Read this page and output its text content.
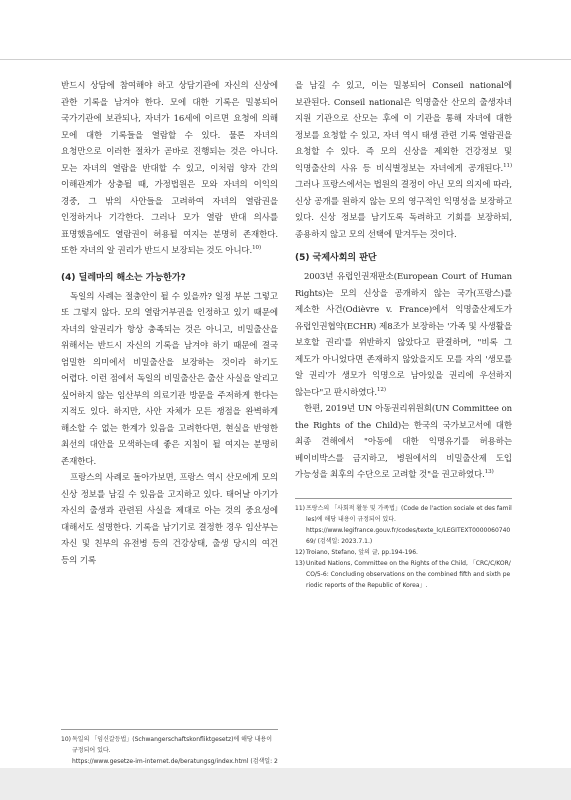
반드시 상담에 참여해야 하고 상담기관에 자신의 신상에 관한 기록을 남겨야 한다. 모에 대한 기록은 밀봉되어 국가기관에 보관되나, 자녀가 16세에 이르면 요청에 의해 모에 대한 기록들을 열람할 수 있다. 물론 자녀의 요청만으로 이러한 절차가 곧바로 진행되는 것은 아니다. 모는 자녀의 열람을 반대할 수 있고, 이처럼 양자 간의 이해관계가 상충될 때, 가정법원은 모와 자녀의 이익의 경중, 그 밖의 사안들을 고려하여 자녀의 열람권을 인정하거나 기각한다. 그러나 모가 열람 반대 의사를 표명했음에도 열람권이 허용될 여지는 분명히 존재한다. 또한 자녀의 알 권리가 반드시 보장되는 것도 아니다.$^{10)}$

(4) 딜레마의 해소는 가능한가?

독일의 사례는 절충안이 될 수 있을까? 일정 부분 그렇고 또 그렇지 않다. 모의 열람거부권을 인정하고 있기 때문에 자녀의 알권리가 항상 충족되는 것은 아니고, 비밀출산을 위해서는 반드시 자신의 기록을 남겨야 하기 때문에 결국 엄밀한 의미에서 비밀출산을 보장하는 것이라 하기도 어렵다. 이런 점에서 독일의 비밀출산은 출산 사실을 알리고 싶어하지 않는 임산부의 의료기관 방문을 주저하게 한다는 지적도 있다. 하지만, 사안 자체가 모든 쟁점을 완벽하게 해소할 수 없는 한계가 있음을 고려한다면, 현실을 반영한 최선의 대안을 모색하는데 좋은 지침이 될 여지는 분명히 존재한다.

프랑스의 사례로 돌아가보면, 프랑스 역시 산모에게 모의 신상 정보를 남길 수 있음을 고지하고 있다. 태어날 아기가 자신의 출생과 관련된 사실을 제대로 아는 것의 중요성에 대해서도 설명한다. 기록을 남기기로 결정한 경우 임산부는 자신 및 친부의 유전병 등의 건강상태, 출생 당시의 여건 등의 기록

10) 독일의 「임신갈등법」(Schwangerschaftskonfliktgesetz)에 해당 내용이 규정되어 있다.
https://www.gesetze-im-internet.de/beratungsg/index.html (검색일: 2

을 남길 수 있고, 이는 밀봉되어 Conseil national에 보관된다. Conseil national은 익명출산 산모의 출생자녀 지원 기관으로 산모는 후에 이 기관을 통해 자녀에 대한 정보를 요청할 수 있고, 자녀 역시 태생 관련 기록 열람권을 요청할 수 있다. 즉 모의 신상을 제외한 건강정보 및 익명출산의 사유 등 비식별정보는 자녀에게 공개된다.$^{11)}$ 그러나 프랑스에서는 법원의 결정이 아닌 모의 의지에 따라, 신상 공개를 원하지 않는 모의 영구적인 익명성을 보장하고 있다. 신상 정보를 남기도록 독려하고 기회를 보장하되, 종용하지 않고 모의 선택에 맡겨두는 것이다.

(5) 국제사회의 판단

2003년 유럽인권재판소(European Court of Human Rights)는 모의 신상을 공개하지 않는 국가(프랑스)를 제소한 사건(Odièvre v. France)에서 익명출산제도가 유럽인권협약(ECHR) 제8조가 보장하는 '가족 및 사생활을 보호할 권리'를 위반하지 않았다고 판결하며, "비록 그 제도가 아니었다면 존재하지 않았을지도 모를 자의 '생모를 알 권리'가 생모가 익명으로 남아있을 권리에 우선하지 않는다"고 판시하였다.$^{12)}$

한편, 2019년 UN 아동권리위원회(UN Committee on the Rights of the Child)는 한국의 국가보고서에 대한 최종 견해에서 "아동에 대한 익명유기를 허용하는 베이비박스를 금지하고, 병원에서의 비밀출산제 도입 가능성을 최후의 수단으로 고려할 것"을 권고하였다.$^{13)}$

11) 프랑스의 「사회적 활동 및 가족법」(Code de l'action sociale et des familles)에 해당 내용이 규정되어 있다.
https://www.legifrance.gouv.fr/codes/texte_lc/LEGITEXT000006074069/ (검색일: 2023.7.1.)

12) Troiano, Stefano, 앞의 글, pp.194-196.

13) United Nations, Committee on the Rights of the Child, 「CRC/C/KOR/CO/5-6: Concluding observations on the combined fifth and sixth periodic reports of the Republic of Korea」.
